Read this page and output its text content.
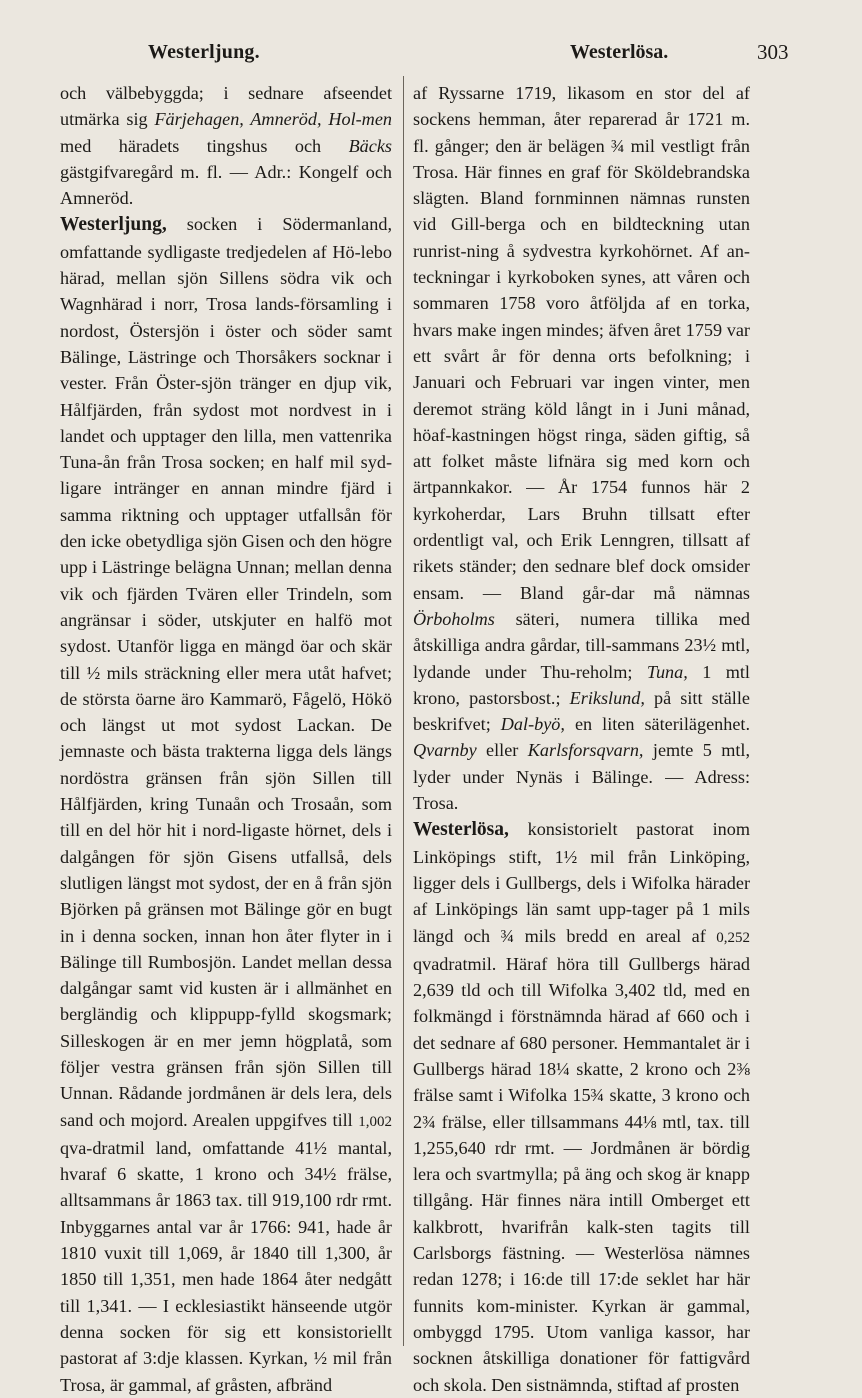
Westerljung.	Westerlösa.	303

och välbebyggda; i sednare afseendet utmärka sig Färjehagen, Amneröd, Hol-men med häradets tingshus och Bäcks gästgifvaregård m. fl. — Adr.: Kongelf och Amneröd.

Westerljung, socken i Södermanland, omfattande sydligaste tredjedelen af Hö-lebo härad, mellan sjön Sillens södra vik och Wagnhärad i norr, Trosa lands-församling i nordost, Östersjön i öster och söder samt Bälinge, Lästringe och Thorsåkers socknar i vester. Från Öster-sjön tränger en djup vik, Hålfjärden, från sydost mot nordvest in i landet och upptager den lilla, men vattenrika Tuna-ån från Trosa socken; en half mil syd-ligare intränger en annan mindre fjärd i samma riktning och upptager utfallsån för den icke obetydliga sjön Gisen och den högre upp i Lästringe belägna Unnan; mellan denna vik och fjärden Tvären eller Trindeln, som angränsar i söder, utskjuter en halfö mot sydost. Utanför ligga en mängd öar och skär till ½ mils sträckning eller mera utåt hafvet; de största öarne äro Kammarö, Fågelö, Hökö och längst ut mot sydost Lackan. De jemnaste och bästa trakterna ligga dels längs nordöstra gränsen från sjön Sillen till Hålfjärden, kring Tunaån och Trosaån, som till en del hör hit i nord-ligaste hörnet, dels i dalgången för sjön Gisens utfallså, dels slutligen längst mot sydost, der en å från sjön Björken på gränsen mot Bälinge gör en bugt in i denna socken, innan hon åter flyter in i Bälinge till Rumbosjön. Landet mellan dessa dalgångar samt vid kusten är i allmänhet en bergländig och klippupp-fylld skogsmark; Silleskogen är en mer jemn högplatå, som följer vestra gränsen från sjön Sillen till Unnan. Rådande jordmånen är dels lera, dels sand och mojord. Arealen uppgifves till 1,002 qva-dratmil land, omfattande 41½ mantal, hvaraf 6 skatte, 1 krono och 34½ frälse, alltsammans år 1863 tax. till 919,100 rdr rmt. Inbyggarnes antal var år 1766: 941, hade år 1810 vuxit till 1,069, år 1840 till 1,300, år 1850 till 1,351, men hade 1864 åter nedgått till 1,341. — I ecklesiastikt hänseende utgör denna socken för sig ett konsistoriellt pastorat af 3:dje klassen. Kyrkan, ½ mil från Trosa, är gammal, af gråsten, afbränd

af Ryssarne 1719, likasom en stor del af sockens hemman, åter reparerad år 1721 m. fl. gånger; den är belägen ¾ mil vestligt från Trosa. Här finnes en graf för Sköldebrandska slägten. Bland fornminnen nämnas runsten vid Gill-berga och en bildteckning utan runrist-ning å sydvestra kyrkohörnet. Af an-teckningar i kyrkoboken synes, att våren och sommaren 1758 voro åtföljda af en torka, hvars make ingen mindes; äfven året 1759 var ett svårt år för denna orts befolkning; i Januari och Februari var ingen vinter, men deremot sträng köld långt in i Juni månad, höaf-kastningen högst ringa, säden giftig, så att folket måste lifnära sig med korn och ärtpannkakor. — År 1754 funnos här 2 kyrkoherdar, Lars Bruhn tillsatt efter ordentligt val, och Erik Lenngren, tillsatt af rikets ständer; den sednare blef dock omsider ensam. — Bland går-dar må nämnas Örboholms säteri, numera tillika med åtskilliga andra gårdar, till-sammans 23½ mtl, lydande under Thu-reholm; Tuna, 1 mtl krono, pastorsbost.; Erikslund, på sitt ställe beskrifvet; Dal-byö, en liten säterilägenhet. Qvarnby eller Karlsforsqvarn, jemte 5 mtl, lyder under Nynäs i Bälinge. — Adress: Trosa.

Westerlösa, konsistorielt pastorat inom Linköpings stift, 1½ mil från Linköping, ligger dels i Gullbergs, dels i Wifolka härader af Linköpings län samt upp-tager på 1 mils längd och ¾ mils bredd en areal af 0,252 qvadratmil. Häraf höra till Gullbergs härad 2,639 tld och till Wifolka 3,402 tld, med en folkmängd i förstnämnda härad af 660 och i det sednare af 680 personer. Hemmantalet är i Gullbergs härad 18¼ skatte, 2 krono och 2⅜ frälse samt i Wifolka 15¾ skatte, 3 krono och 2¾ frälse, eller tillsammans 44⅛ mtl, tax. till 1,255,640 rdr rmt. — Jordmånen är bördig lera och svartmylla; på äng och skog är knapp tillgång. Här finnes nära intill Omberget ett kalkbrott, hvarifrån kalk-sten tagits till Carlsborgs fästning. — Westerlösa nämnes redan 1278; i 16:de till 17:de seklet har här funnits kom-minister. Kyrkan är gammal, ombyggd 1795. Utom vanliga kassor, har socknen åtskilliga donationer för fattigvård och skola. Den sistnämnda, stiftad af prosten
